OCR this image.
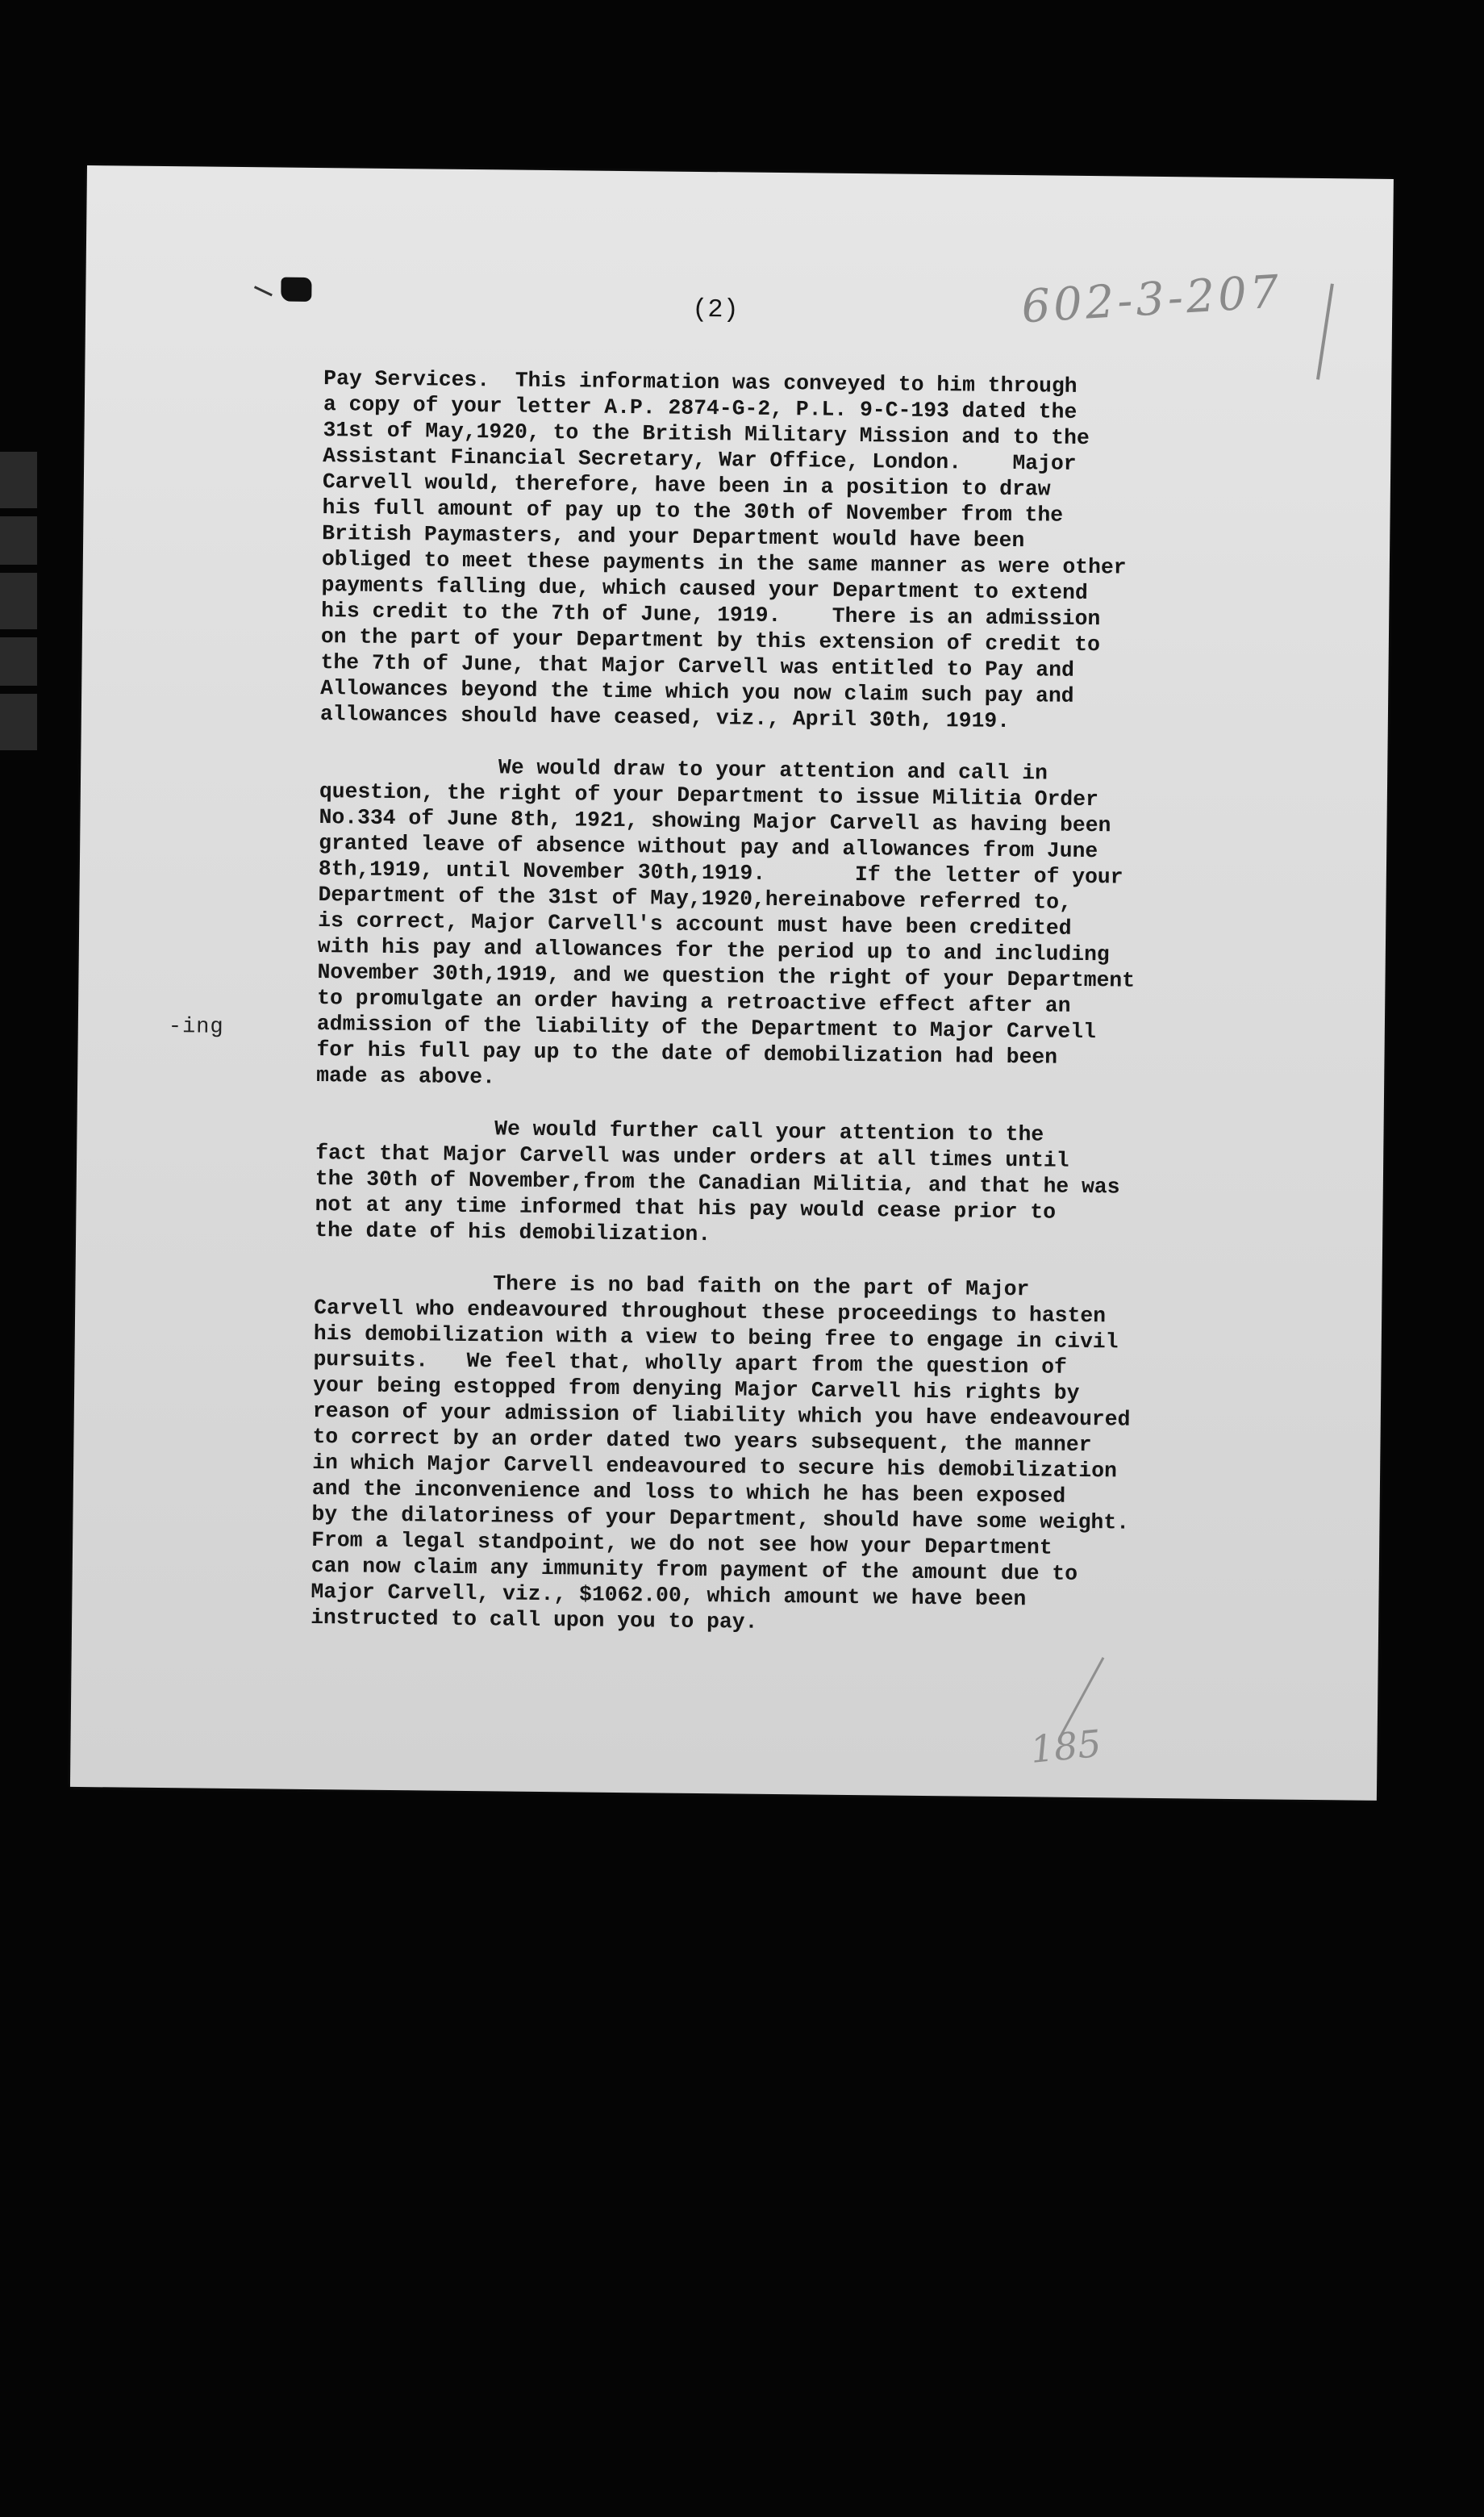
(2)	602-3-207
-ing
Pay Services.  This information was conveyed to him through
a copy of your letter A.P. 2874-G-2, P.L. 9-C-193 dated the
31st of May,1920, to the British Military Mission and to the
Assistant Financial Secretary, War Office, London.    Major
Carvell would, therefore, have been in a position to draw
his full amount of pay up to the 30th of November from the
British Paymasters, and your Department would have been
obliged to meet these payments in the same manner as were other
payments falling due, which caused your Department to extend
his credit to the 7th of June, 1919.    There is an admission
on the part of your Department by this extension of credit to
the 7th of June, that Major Carvell was entitled to Pay and
Allowances beyond the time which you now claim such pay and
allowances should have ceased, viz., April 30th, 1919.
We would draw to your attention and call in
question, the right of your Department to issue Militia Order
No.334 of June 8th, 1921, showing Major Carvell as having been
granted leave of absence without pay and allowances from June
8th,1919, until November 30th,1919.       If the letter of your
Department of the 31st of May,1920,hereinabove referred to,
is correct, Major Carvell's account must have been credited
with his pay and allowances for the period up to and including
November 30th,1919, and we question the right of your Department
to promulgate an order having a retroactive effect after an
admission of the liability of the Department to Major Carvell
for his full pay up to the date of demobilization had been
made as above.
We would further call your attention to the
fact that Major Carvell was under orders at all times until
the 30th of November,from the Canadian Militia, and that he was
not at any time informed that his pay would cease prior to
the date of his demobilization.
There is no bad faith on the part of Major
Carvell who endeavoured throughout these proceedings to hasten
his demobilization with a view to being free to engage in civil
pursuits.   We feel that, wholly apart from the question of
your being estopped from denying Major Carvell his rights by
reason of your admission of liability which you have endeavoured
to correct by an order dated two years subsequent, the manner
in which Major Carvell endeavoured to secure his demobilization
and the inconvenience and loss to which he has been exposed
by the dilatoriness of your Department, should have some weight.
From a legal standpoint, we do not see how your Department
can now claim any immunity from payment of the amount due to
Major Carvell, viz., $1062.00, which amount we have been
instructed to call upon you to pay.
185
